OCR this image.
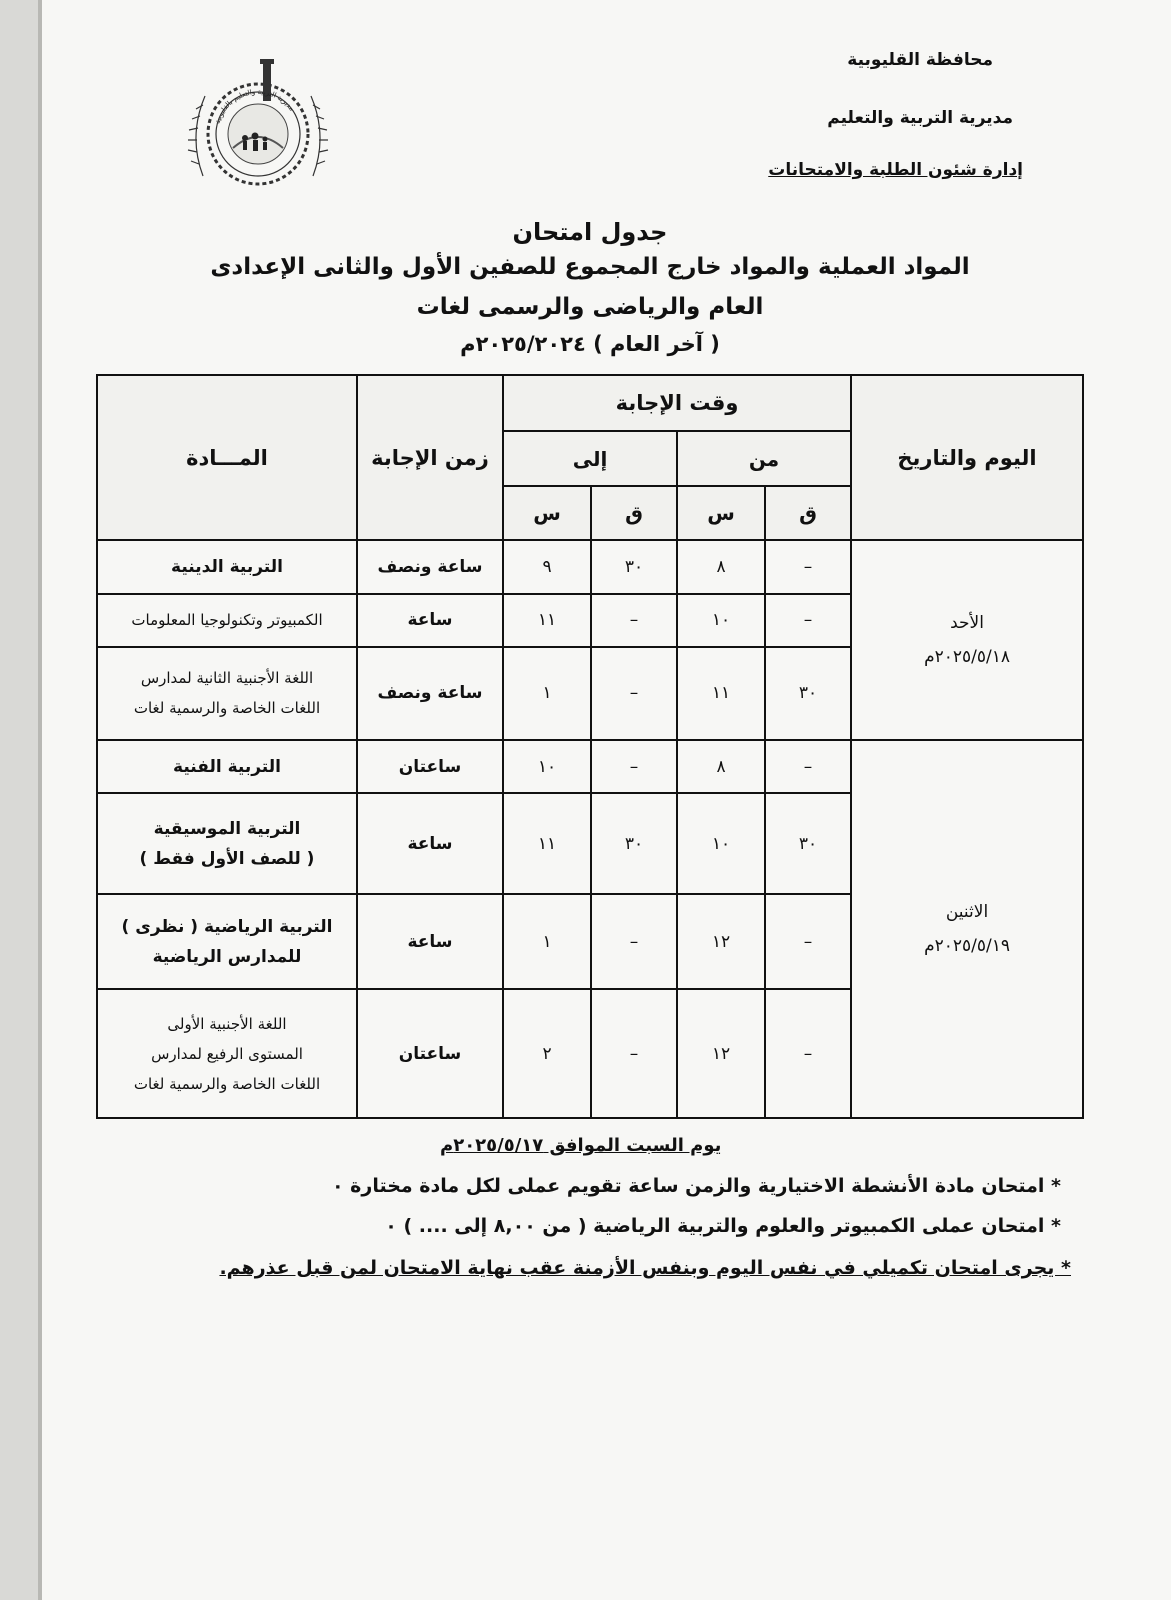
محافظة القليوبية
مديرية التربية والتعليم
إدارة شئون الطلبة والامتحانات
مديرية التربية والتعليم بالقليوبية
جدول امتحان
المواد العملية والمواد خارج المجموع للصفين الأول والثانى الإعدادى
العام والرياضى والرسمى لغات
( آخر العام ) ٢٠٢٥/٢٠٢٤م
اليوم والتاريخ	وقت الإجابة				زمن الإجابة	المـــادة
	من		إلى			
	ق	س	ق	س		

الأحد
٢٠٢٥/٥/١٨م	–	٨	٣٠	٩	ساعة ونصف	التربية الدينية

	–	١٠	–	١١	ساعة	الكمبيوتر وتكنولوجيا المعلومات

	٣٠	١١	–	١	ساعة ونصف	اللغة الأجنبية الثانية لمدارس
اللغات الخاصة والرسمية لغات

الاثنين
٢٠٢٥/٥/١٩م	–	٨	–	١٠	ساعتان	التربية الفنية

	٣٠	١٠	٣٠	١١	ساعة	التربية الموسيقية
( للصف الأول فقط )

	–	١٢	–	١	ساعة	التربية الرياضية ( نظرى )
للمدارس الرياضية

	–	١٢	–	٢	ساعتان	اللغة الأجنبية الأولى
المستوى الرفيع لمدارس
اللغات الخاصة والرسمية لغات
يوم السبت الموافق ٢٠٢٥/٥/١٧م
* امتحان مادة الأنشطة الاختيارية والزمن ساعة تقويم عملى لكل مادة مختارة ٠
* امتحان عملى الكمبيوتر والعلوم والتربية الرياضية ( من ٨,٠٠ إلى .... ) ٠
* يجرى امتحان تكميلي في نفس اليوم وبنفس الأزمنة عقب نهاية الامتحان لمن قبل عذرهم.
